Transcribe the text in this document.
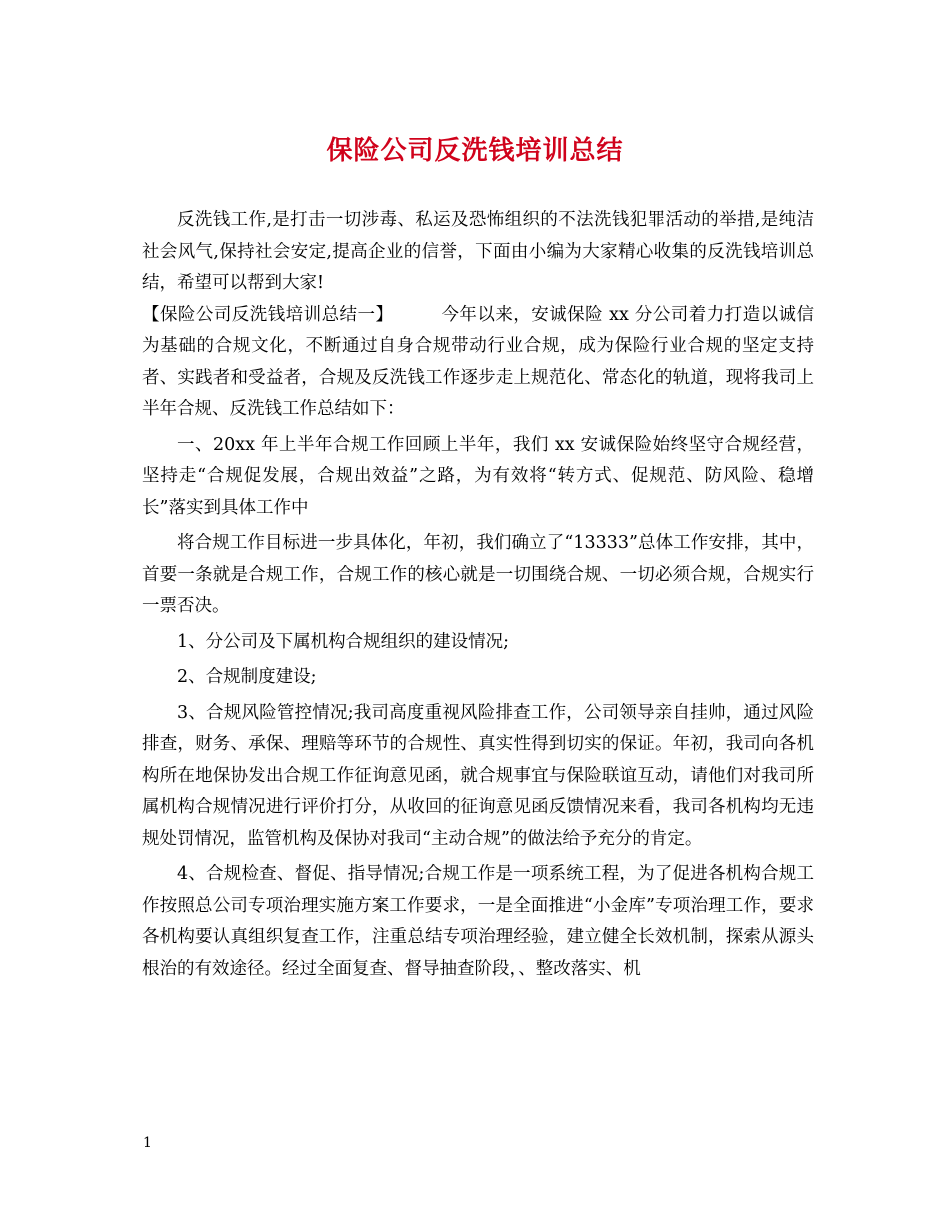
保险公司反洗钱培训总结

反洗钱工作,是打击一切涉毒、私运及恐怖组织的不法洗钱犯罪活动的举措,是纯洁社会风气,保持社会安定,提高企业的信誉，下面由小编为大家精心收集的反洗钱培训总结，希望可以帮到大家!

【保险公司反洗钱培训总结一】	今年以来，安诚保险 xx 分公司着力打造以诚信为基础的合规文化，不断通过自身合规带动行业合规，成为保险行业合规的坚定支持者、实践者和受益者，合规及反洗钱工作逐步走上规范化、常态化的轨道，现将我司上半年合规、反洗钱工作总结如下：

一、20xx 年上半年合规工作回顾上半年，我们 xx 安诚保险始终坚守合规经营，坚持走“合规促发展，合规出效益”之路，为有效将“转方式、促规范、防风险、稳增长”落实到具体工作中

将合规工作目标进一步具体化，年初，我们确立了“13333”总体工作安排，其中，首要一条就是合规工作，合规工作的核心就是一切围绕合规、一切必须合规，合规实行一票否决。

1、分公司及下属机构合规组织的建设情况;

2、合规制度建设;

3、合规风险管控情况;我司高度重视风险排查工作，公司领导亲自挂帅，通过风险排查，财务、承保、理赔等环节的合规性、真实性得到切实的保证。年初，我司向各机构所在地保协发出合规工作征询意见函，就合规事宜与保险联谊互动，请他们对我司所属机构合规情况进行评价打分，从收回的征询意见函反馈情况来看，我司各机构均无违规处罚情况，监管机构及保协对我司“主动合规”的做法给予充分的肯定。

4、合规检查、督促、指导情况;合规工作是一项系统工程，为了促进各机构合规工作按照总公司专项治理实施方案工作要求，一是全面推进“小金库”专项治理工作，要求各机构要认真组织复查工作，注重总结专项治理经验，建立健全长效机制，探索从源头根治的有效途径。经过全面复查、督导抽查阶段，、整改落实、机

1
